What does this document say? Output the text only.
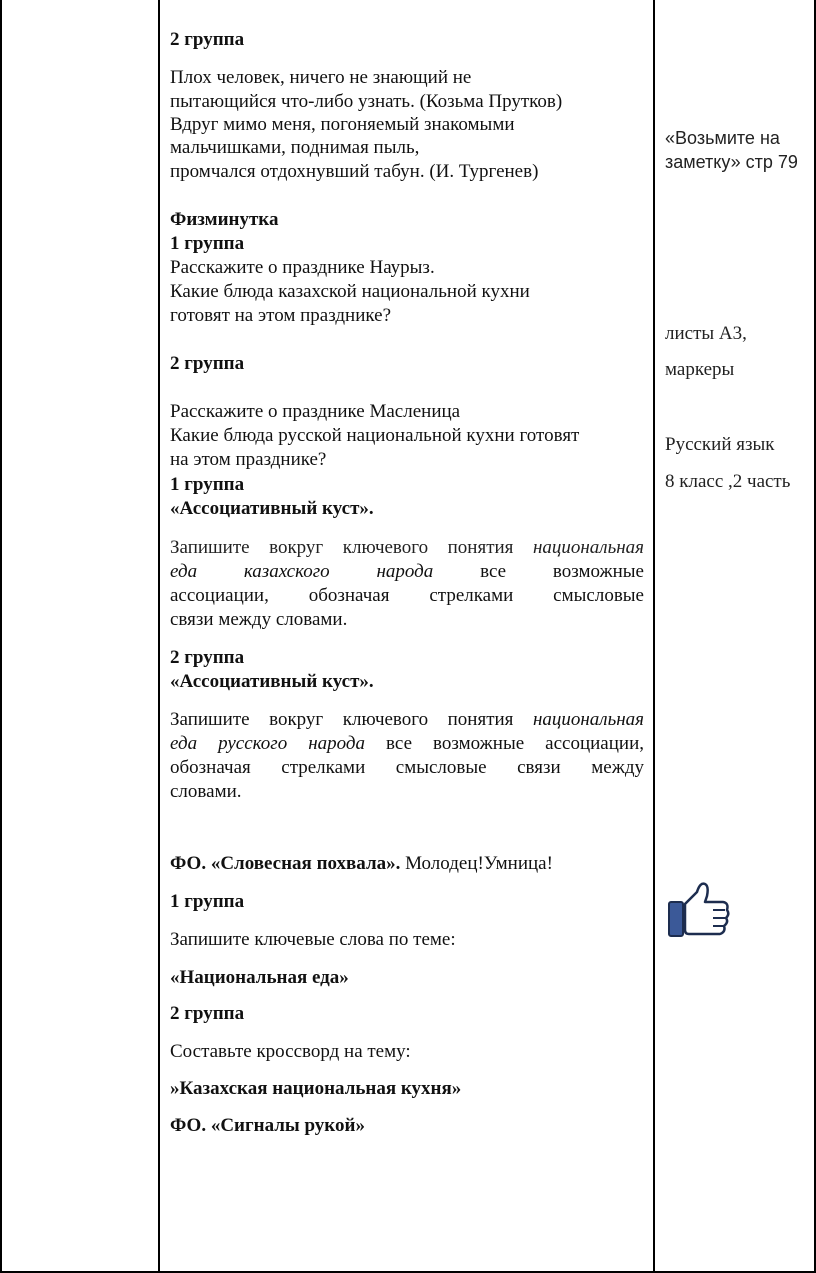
2 группа
Плох человек, ничего не знающий не
пытающийся что-либо узнать. (Козьма Прутков)
Вдруг мимо меня, погоняемый знакомыми
мальчишками, поднимая пыль,
промчался отдохнувший табун. (И. Тургенев)
Физминутка
1 группа
Расскажите о празднике Наурыз.
Какие блюда казахской национальной кухни
готовят на этом празднике?
2 группа
Расскажите о празднике Масленица
Какие блюда русской национальной кухни готовят
на этом празднике?
1 группа
«Ассоциативный куст».
Запишите вокруг ключевого понятия национальная
еда казахского народа все возможные
ассоциации, обозначая стрелками смысловые
связи между словами.
2 группа
«Ассоциативный куст».
Запишите вокруг ключевого понятия национальная
еда русского народа все возможные ассоциации,
обозначая стрелками смысловые связи между
словами.
ФО. «Словесная похвала». Молодец!Умница!
1 группа
Запишите ключевые слова по теме:
«Национальная еда»
2 группа
Составьте кроссворд на тему:
»Казахская национальная кухня»
ФО. «Сигналы рукой»
«Возьмите на
заметку» стр 79
листы А3,
маркеры
Русский язык
8 класс ,2 часть
